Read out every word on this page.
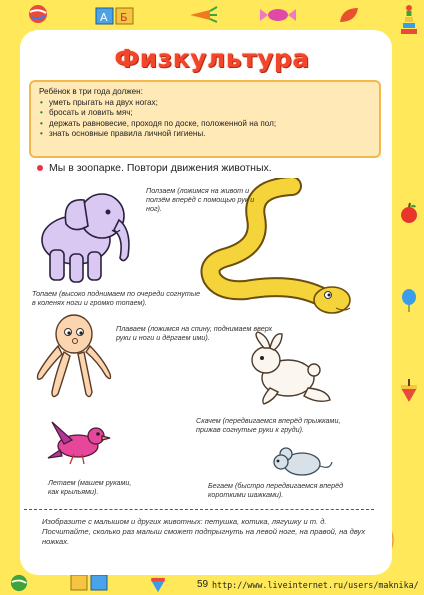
A Б
Физкультура
Ребёнок в три года должен:
• уметь прыгать на двух ногах;
• бросать и ловить мяч;
• держать равновесие, проходя по доске, положенной на пол;
• знать основные правила личной гигиены.
Мы в зоопарке. Повтори движения животных.
Топаем (высоко поднимаем по очереди согнутые в коленях ноги и громко топаем).
Ползаем (ложимся на живот и ползём вперёд с помощью рук и ног).
Плаваем (ложимся на спину, поднимаем вверх руки и ноги и дёргаем ими).
Скачем (передвигаемся вперёд прыжками, прижав согнутые руки к груди).
Летаем (машем руками, как крыльями).
Бегаем (быстро передвигаемся вперёд короткими шажками).
Изобразите с малышом и других животных: петушка, котика, лягушку и т. д. Посчитайте, сколько раз малыш сможет подпрыгнуть на левой ноге, на правой, на двух ножках.
59 http://www.liveinternet.ru/users/maknika/
